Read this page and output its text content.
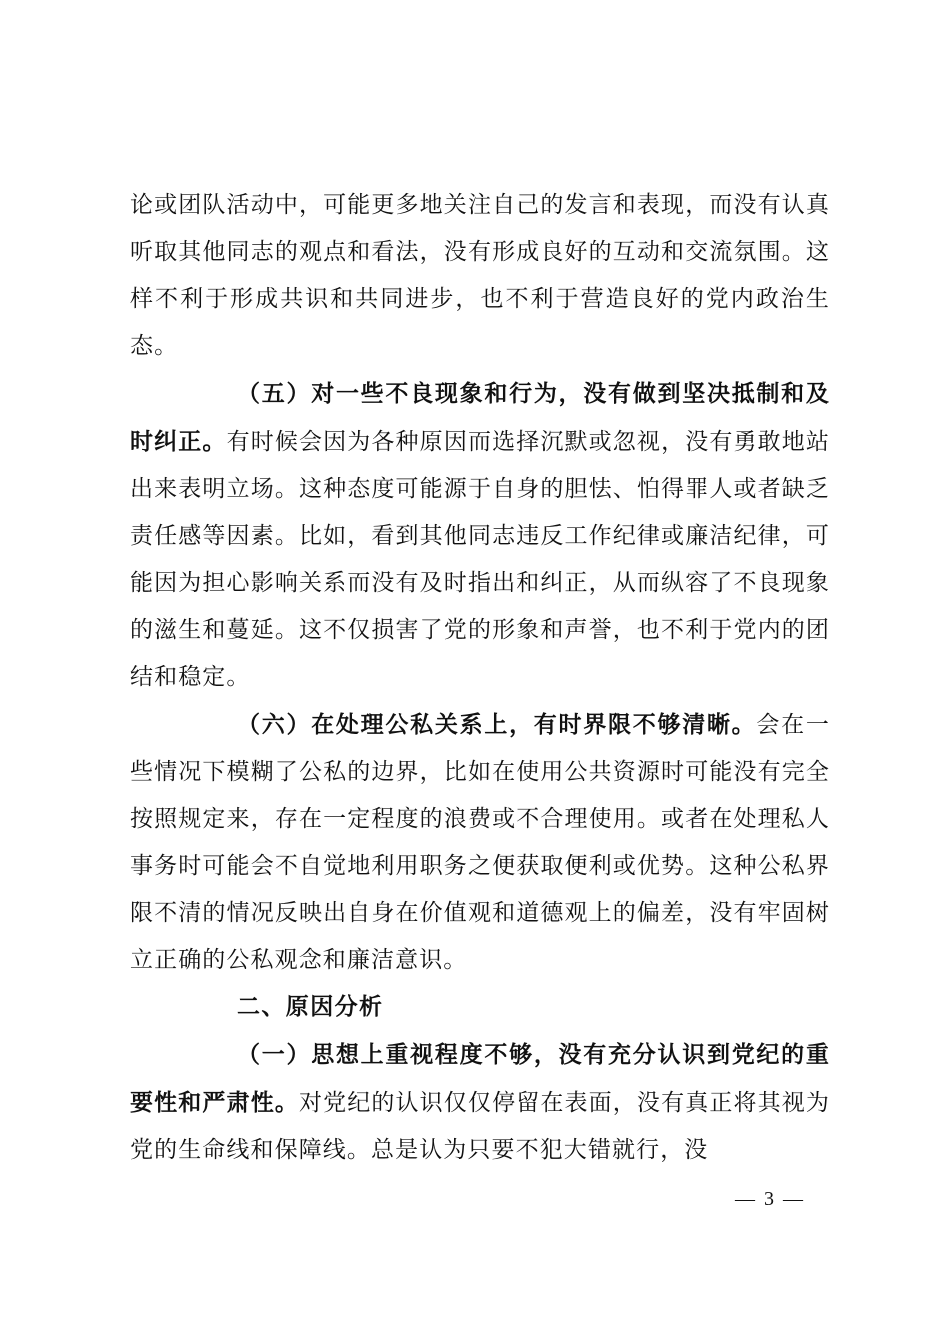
论或团队活动中，可能更多地关注自己的发言和表现，而没有认真听取其他同志的观点和看法，没有形成良好的互动和交流氛围。这样不利于形成共识和共同进步，也不利于营造良好的党内政治生态。

（五）对一些不良现象和行为，没有做到坚决抵制和及时纠正。有时候会因为各种原因而选择沉默或忽视，没有勇敢地站出来表明立场。这种态度可能源于自身的胆怯、怕得罪人或者缺乏责任感等因素。比如，看到其他同志违反工作纪律或廉洁纪律，可能因为担心影响关系而没有及时指出和纠正，从而纵容了不良现象的滋生和蔓延。这不仅损害了党的形象和声誉，也不利于党内的团结和稳定。

（六）在处理公私关系上，有时界限不够清晰。会在一些情况下模糊了公私的边界，比如在使用公共资源时可能没有完全按照规定来，存在一定程度的浪费或不合理使用。或者在处理私人事务时可能会不自觉地利用职务之便获取便利或优势。这种公私界限不清的情况反映出自身在价值观和道德观上的偏差，没有牢固树立正确的公私观念和廉洁意识。

二、原因分析

（一）思想上重视程度不够，没有充分认识到党纪的重要性和严肃性。对党纪的认识仅仅停留在表面，没有真正将其视为党的生命线和保障线。总是认为只要不犯大错就行，没

— 3 —
